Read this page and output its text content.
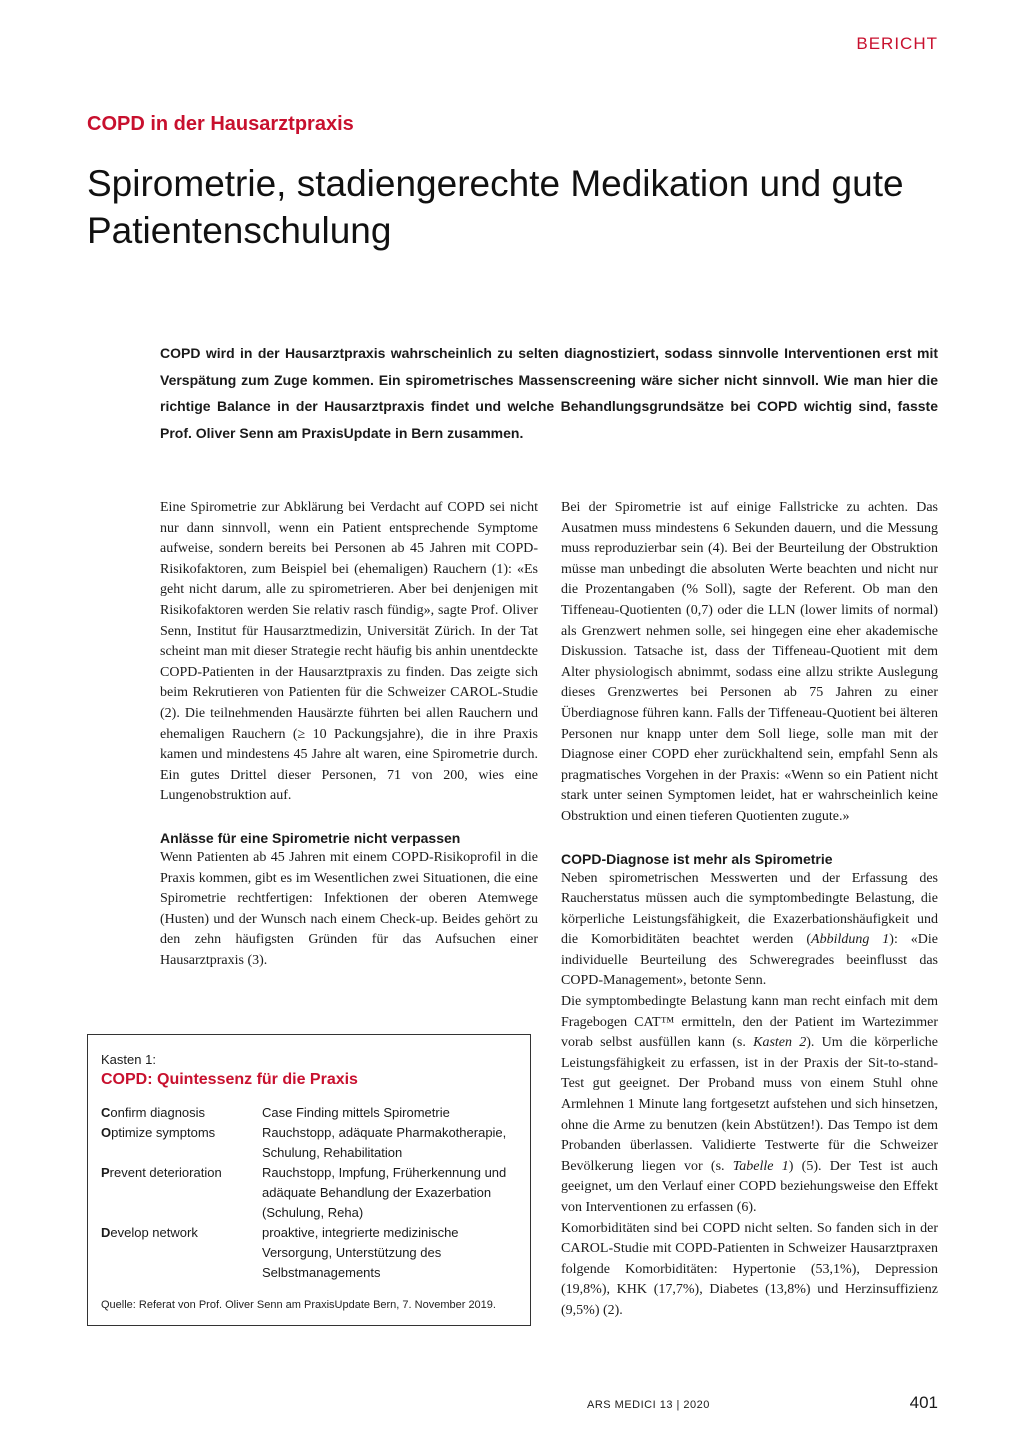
BERICHT
COPD in der Hausarztpraxis
Spirometrie, stadiengerechte Medikation und gute Patientenschulung
COPD wird in der Hausarztpraxis wahrscheinlich zu selten diagnostiziert, sodass sinnvolle Interventionen erst mit Verspätung zum Zuge kommen. Ein spirometrisches Massenscreening wäre sicher nicht sinnvoll. Wie man hier die richtige Balance in der Hausarztpraxis findet und welche Behandlungsgrundsätze bei COPD wichtig sind, fasste Prof. Oliver Senn am PraxisUpdate in Bern zusammen.

Eine Spirometrie zur Abklärung bei Verdacht auf COPD sei nicht nur dann sinnvoll, wenn ein Patient entsprechende Symptome aufweise, sondern bereits bei Personen ab 45 Jahren mit COPD-Risikofaktoren, zum Beispiel bei (ehemaligen) Rauchern (1): «Es geht nicht darum, alle zu spirometrieren. Aber bei denjenigen mit Risikofaktoren werden Sie relativ rasch fündig», sagte Prof. Oliver Senn, Institut für Hausarztmedizin, Universität Zürich. In der Tat scheint man mit dieser Strategie recht häufig bis anhin unentdeckte COPD-Patienten in der Hausarztpraxis zu finden. Das zeigte sich beim Rekrutieren von Patienten für die Schweizer CAROL-Studie (2). Die teilnehmenden Hausärzte führten bei allen Rauchern und ehemaligen Rauchern (≥ 10 Packungsjahre), die in ihre Praxis kamen und mindestens 45 Jahre alt waren, eine Spirometrie durch. Ein gutes Drittel dieser Personen, 71 von 200, wies eine Lungenobstruktion auf.

Anlässe für eine Spirometrie nicht verpassen

Wenn Patienten ab 45 Jahren mit einem COPD-Risikoprofil in die Praxis kommen, gibt es im Wesentlichen zwei Situationen, die eine Spirometrie rechtfertigen: Infektionen der oberen Atemwege (Husten) und der Wunsch nach einem Check-up. Beides gehört zu den zehn häufigsten Gründen für das Aufsuchen einer Hausarztpraxis (3).

Kasten 1:
COPD: Quintessenz für die Praxis
Confirm diagnosis	Case Finding mittels Spirometrie
Optimize symptoms	Rauchstopp, adäquate Pharmakotherapie, Schulung, Rehabilitation
Prevent deterioration	Rauchstopp, Impfung, Früherkennung und adäquate Behandlung der Exazerbation (Schulung, Reha)
Develop network	proaktive, integrierte medizinische Versorgung, Unterstützung des Selbstmanagements
Quelle: Referat von Prof. Oliver Senn am PraxisUpdate Bern, 7. November 2019.

Bei der Spirometrie ist auf einige Fallstricke zu achten. Das Ausatmen muss mindestens 6 Sekunden dauern, und die Messung muss reproduzierbar sein (4). Bei der Beurteilung der Obstruktion müsse man unbedingt die absoluten Werte beachten und nicht nur die Prozentangaben (% Soll), sagte der Referent. Ob man den Tiffeneau-Quotienten (0,7) oder die LLN (lower limits of normal) als Grenzwert nehmen solle, sei hingegen eine eher akademische Diskussion. Tatsache ist, dass der Tiffeneau-Quotient mit dem Alter physiologisch abnimmt, sodass eine allzu strikte Auslegung dieses Grenzwertes bei Personen ab 75 Jahren zu einer Überdiagnose führen kann. Falls der Tiffeneau-Quotient bei älteren Personen nur knapp unter dem Soll liege, solle man mit der Diagnose einer COPD eher zurückhaltend sein, empfahl Senn als pragmatisches Vorgehen in der Praxis: «Wenn so ein Patient nicht stark unter seinen Symptomen leidet, hat er wahrscheinlich keine Obstruktion und einen tieferen Quotienten zugute.»

COPD-Diagnose ist mehr als Spirometrie

Neben spirometrischen Messwerten und der Erfassung des Raucherstatus müssen auch die symptombedingte Belastung, die körperliche Leistungsfähigkeit, die Exazerbationshäufigkeit und die Komorbiditäten beachtet werden (Abbildung 1): «Die individuelle Beurteilung des Schweregrades beeinflusst das COPD-Management», betonte Senn.

Die symptombedingte Belastung kann man recht einfach mit dem Fragebogen CAT™ ermitteln, den der Patient im Wartezimmer vorab selbst ausfüllen kann (s. Kasten 2). Um die körperliche Leistungsfähigkeit zu erfassen, ist in der Praxis der Sit-to-stand-Test gut geeignet. Der Proband muss von einem Stuhl ohne Armlehnen 1 Minute lang fortgesetzt aufstehen und sich hinsetzen, ohne die Arme zu benutzen (kein Abstützen!). Das Tempo ist dem Probanden überlassen. Validierte Testwerte für die Schweizer Bevölkerung liegen vor (s. Tabelle 1) (5). Der Test ist auch geeignet, um den Verlauf einer COPD beziehungsweise den Effekt von Interventionen zu erfassen (6).

Komorbiditäten sind bei COPD nicht selten. So fanden sich in der CAROL-Studie mit COPD-Patienten in Schweizer Hausarztpraxen folgende Komorbiditäten: Hypertonie (53,1%), Depression (19,8%), KHK (17,7%), Diabetes (13,8%) und Herzinsuffizienz (9,5%) (2).

ARS MEDICI 13 | 2020	401
